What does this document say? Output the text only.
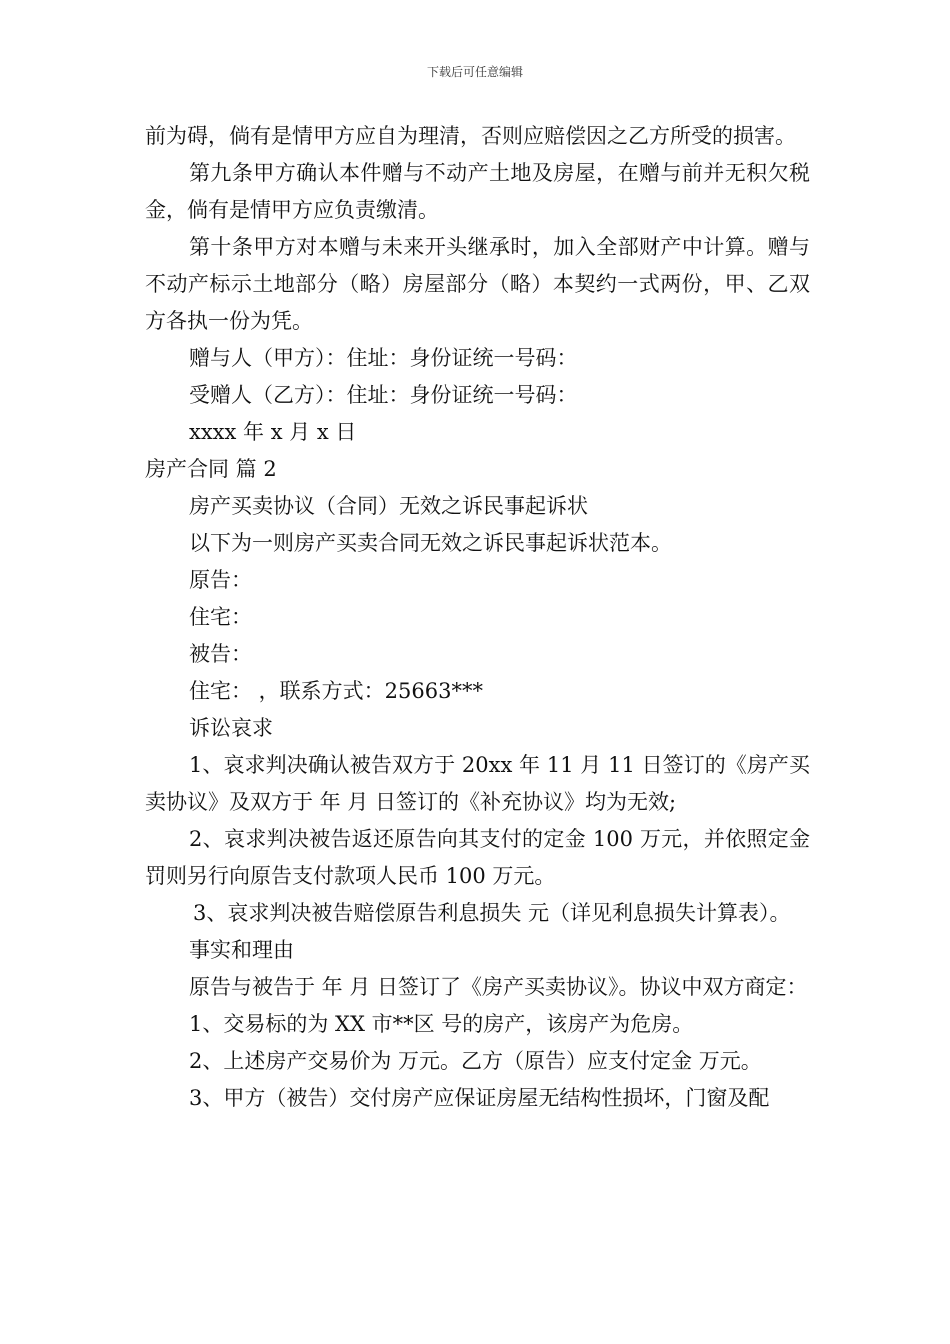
下载后可任意编辑

前为碍，倘有是情甲方应自为理清，否则应赔偿因之乙方所受的损害。

第九条甲方确认本件赠与不动产土地及房屋，在赠与前并无积欠税金，倘有是情甲方应负责缴清。

第十条甲方对本赠与未来开头继承时，加入全部财产中计算。赠与不动产标示土地部分（略）房屋部分（略）本契约一式两份，甲、乙双方各执一份为凭。

赠与人（甲方）：住址：身份证统一号码：

受赠人（乙方）：住址：身份证统一号码：

xxxx 年 x 月 x 日

房产合同 篇 2

房产买卖协议（合同）无效之诉民事起诉状

以下为一则房产买卖合同无效之诉民事起诉状范本。

原告：

住宅：

被告：

住宅： ，联系方式：25663***

诉讼哀求

1、哀求判决确认被告双方于 20xx 年 11 月 11 日签订的《房产买卖协议》及双方于 年 月 日签订的《补充协议》均为无效;

2、哀求判决被告返还原告向其支付的定金 100 万元，并依照定金罚则另行向原告支付款项人民币 100 万元。

3、哀求判决被告赔偿原告利息损失 元（详见利息损失计算表）。

事实和理由

原告与被告于 年 月 日签订了《房产买卖协议》。协议中双方商定：

1、交易标的为 XX 市**区 号的房产，该房产为危房。

2、上述房产交易价为 万元。乙方（原告）应支付定金 万元。

3、甲方（被告）交付房产应保证房屋无结构性损坏，门窗及配
